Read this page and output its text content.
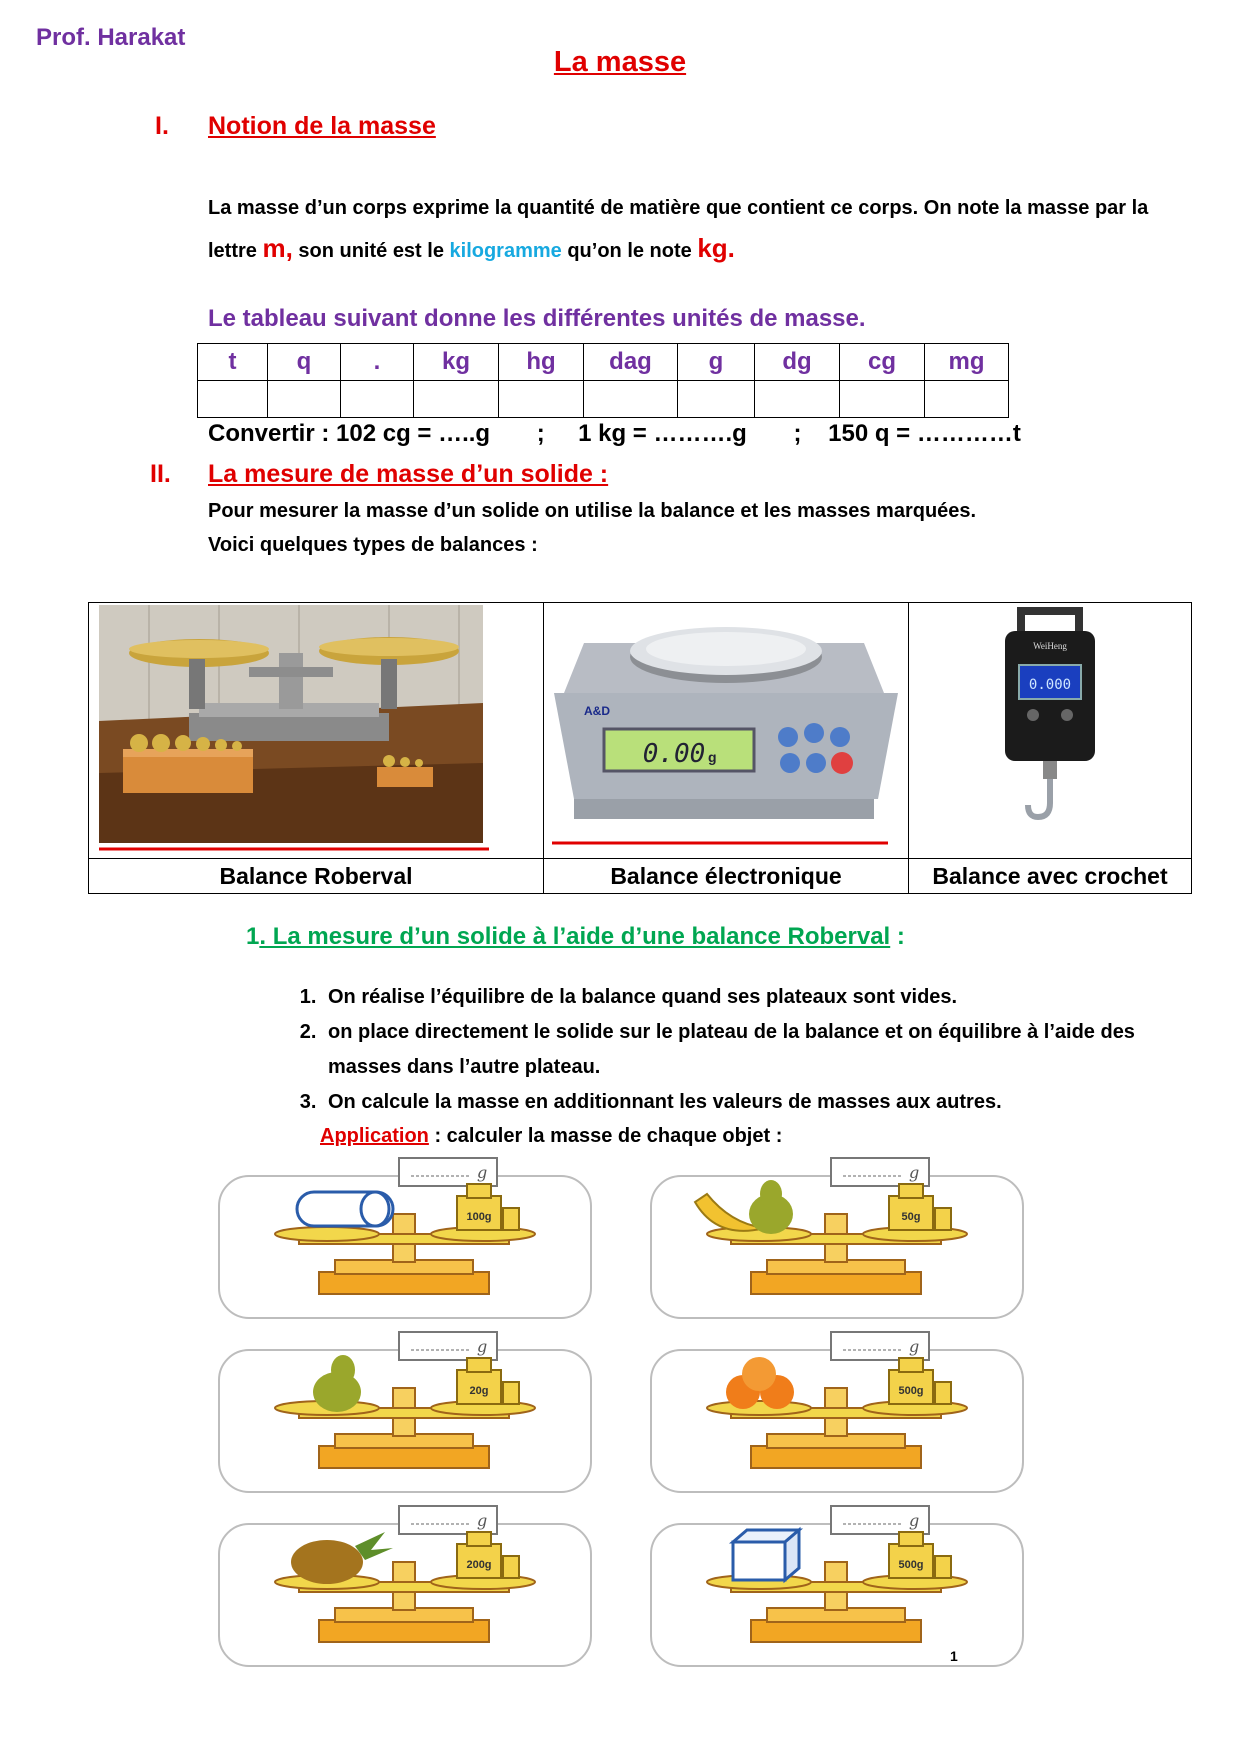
Prof. Harakat
La masse
I. Notion de la masse
La masse d’un corps exprime la quantité de matière que contient ce corps. On note la masse par la lettre m, son unité est le kilogramme qu’on le note kg.
Le tableau suivant donne les différentes unités de masse.
t	q	.	kg	hg	dag	g	dg	cg	mg

Convertir : 102 cg = …..g       ;     1 kg = ……….g       ;    150 q = …………t
II. La mesure de masse d’un solide :
Pour mesurer la masse d’un solide on utilise la balance et les masses marquées.
Voici quelques types de balances :

A&D
0.00 g	WeiHeng
0.000

Balance Roberval	Balance électronique	Balance avec crochet
1. La mesure d’un solide à l’aide d’une balance Roberval :
1. On réalise l’équilibre de la balance quand ses plateaux sont vides.
2. on place directement le solide sur le plateau de la balance et on équilibre à l’aide des masses dans l’autre plateau.
3. On calcule la masse en additionnant les valeurs de masses aux autres.
Application : calculer la masse de chaque objet :
g
100g
g
50g
g
20g
g
500g
g
200g
g
500g
1
